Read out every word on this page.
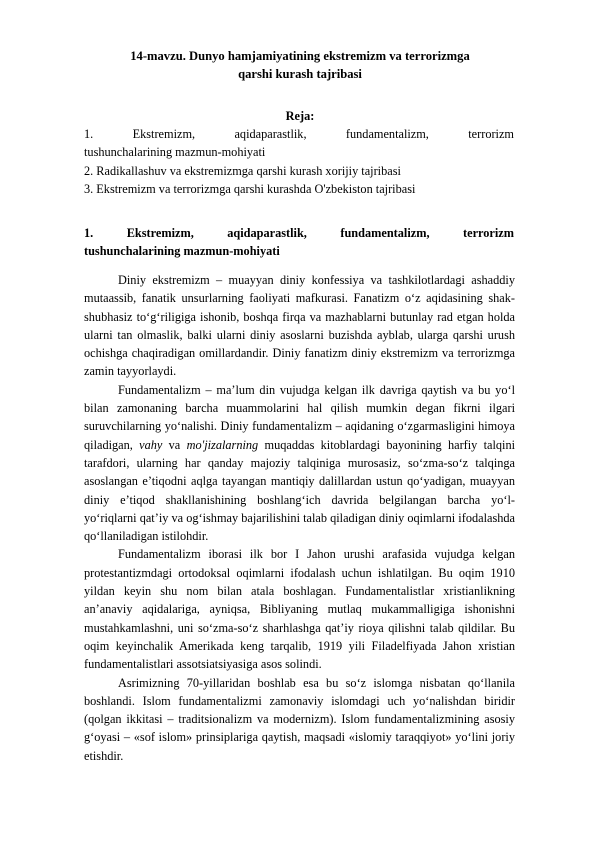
14-mavzu. Dunyo hamjamiyatining ekstremizm va terrorizmga
qarshi kurash tajribasi
Reja:
1. Ekstremizm, aqidaparastlik, fundamentalizm, terrorizm
tushunchalarining mazmun-mohiyati
2. Radikallashuv va ekstremizmga qarshi kurash xorijiy tajribasi
3. Ekstremizm va terrorizmga qarshi kurashda O'zbekiston tajribasi
1. Ekstremizm, aqidaparastlik, fundamentalizm, terrorizm
tushunchalarining mazmun-mohiyati

Diniy ekstremizm – muayyan diniy konfessiya va tashkilotlardagi ashaddiy mutaassib, fanatik unsurlarning faoliyati mafkurasi. Fanatizm o‘z aqidasining shak-shubhasiz to‘g‘riligiga ishonib, boshqa firqa va mazhablarni butunlay rad etgan holda ularni tan olmaslik, balki ularni diniy asoslarni buzishda ayblab, ularga qarshi urush ochishga chaqiradigan omillardandir. Diniy fanatizm diniy ekstremizm va terrorizmga zamin tayyorlaydi.

Fundamentalizm – ma’lum din vujudga kelgan ilk davriga qaytish va bu yo‘l bilan zamonaning barcha muammolarini hal qilish mumkin degan fikrni ilgari suruvchilarning yo‘nalishi. Diniy fundamentalizm – aqidaning o‘zgarmasligini himoya qiladigan, vahy va mo'jizalarning muqaddas kitoblardagi bayonining harfiy talqini tarafdori, ularning har qanday majoziy talqiniga murosasiz, so‘zma-so‘z talqinga asoslangan e’tiqodni aqlga tayangan mantiqiy dalillardan ustun qo‘yadigan, muayyan diniy e’tiqod shakllanishining boshlang‘ich davrida belgilangan barcha yo‘l- yo‘riqlarni qat’iy va og‘ishmay bajarilishini talab qiladigan diniy oqimlarni ifodalashda qo‘llaniladigan istilohdir.

Fundamentalizm iborasi ilk bor I Jahon urushi arafasida vujudga kelgan protestantizmdagi ortodoksal oqimlarni ifodalash uchun ishlatilgan. Bu oqim 1910 yildan keyin shu nom bilan atala boshlagan. Fundamentalistlar xristianlikning an’anaviy aqidalariga, ayniqsa, Bibliyaning mutlaq mukammalligiga ishonishni mustahkamlashni, uni so‘zma-so‘z sharhlashga qat’iy rioya qilishni talab qildilar. Bu oqim keyinchalik Amerikada keng tarqalib, 1919 yili Filadelfiyada Jahon xristian fundamentalistlari assotsiatsiyasiga asos solindi.

Asrimizning 70-yillaridan boshlab esa bu so‘z islomga nisbatan qo‘llanila boshlandi. Islom fundamentalizmi zamonaviy islomdagi uch yo‘nalishdan biridir (qolgan ikkitasi – traditsionalizm va modernizm). Islom fundamentalizmining asosiy g‘oyasi – «sof islom» prinsiplariga qaytish, maqsadi «islomiy taraqqiyot» yo‘lini joriy etishdir.
